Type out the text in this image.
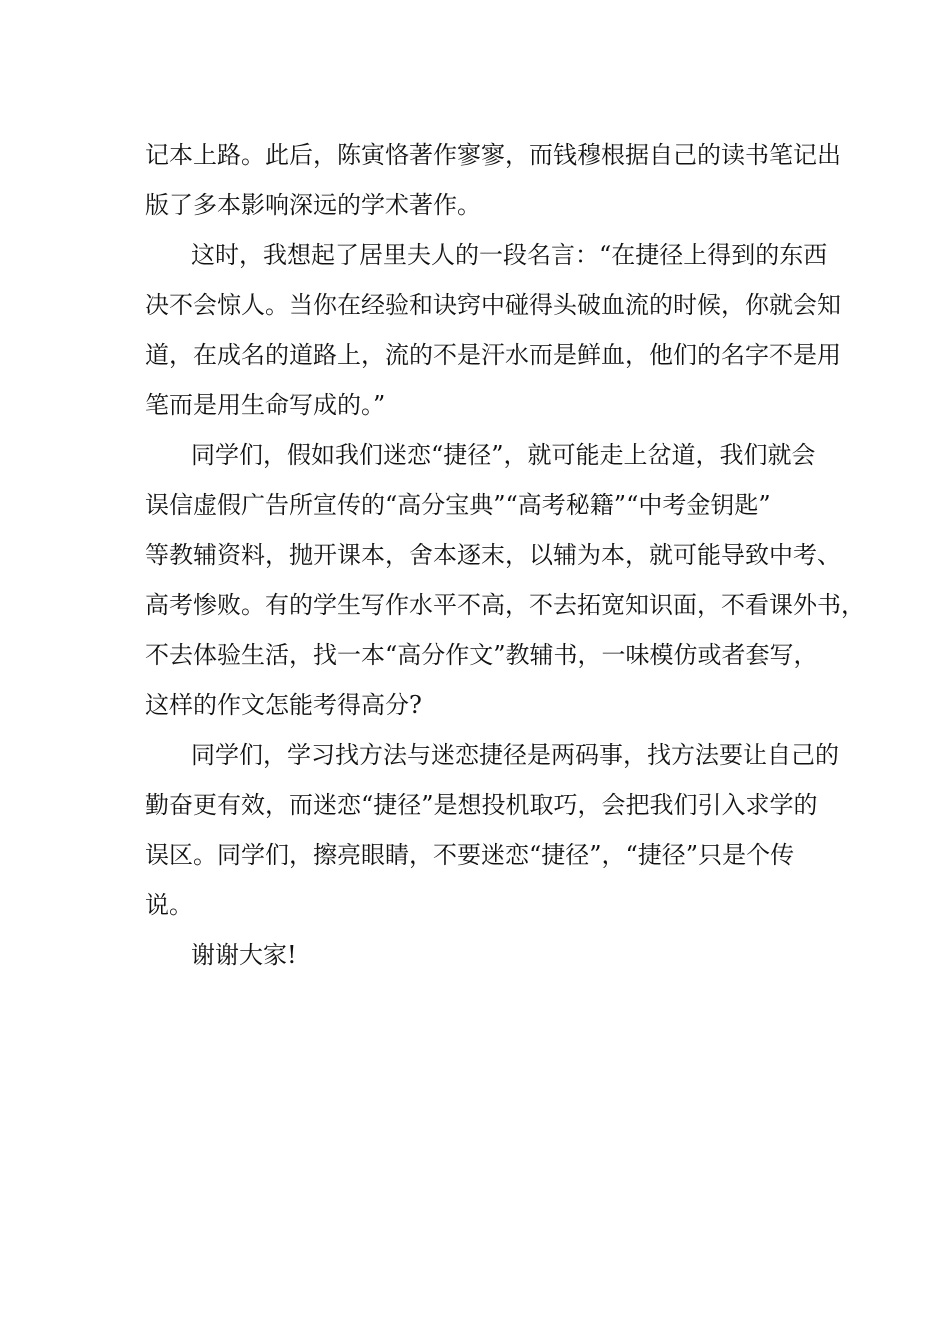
记本上路。此后，陈寅恪著作寥寥，而钱穆根据自己的读书笔记出
版了多本影响深远的学术著作。
这时，我想起了居里夫人的一段名言：“在捷径上得到的东西
决不会惊人。当你在经验和诀窍中碰得头破血流的时候，你就会知
道，在成名的道路上，流的不是汗水而是鲜血，他们的名字不是用
笔而是用生命写成的。”
同学们，假如我们迷恋“捷径”，就可能走上岔道，我们就会
误信虚假广告所宣传的“高分宝典”“高考秘籍”“中考金钥匙”
等教辅资料，抛开课本，舍本逐末，以辅为本，就可能导致中考、
高考惨败。有的学生写作水平不高，不去拓宽知识面，不看课外书，
不去体验生活，找一本“高分作文”教辅书，一味模仿或者套写，
这样的作文怎能考得高分?
同学们，学习找方法与迷恋捷径是两码事，找方法要让自己的
勤奋更有效，而迷恋“捷径”是想投机取巧，会把我们引入求学的
误区。同学们，擦亮眼睛，不要迷恋“捷径”，“捷径”只是个传
说。
谢谢大家!
